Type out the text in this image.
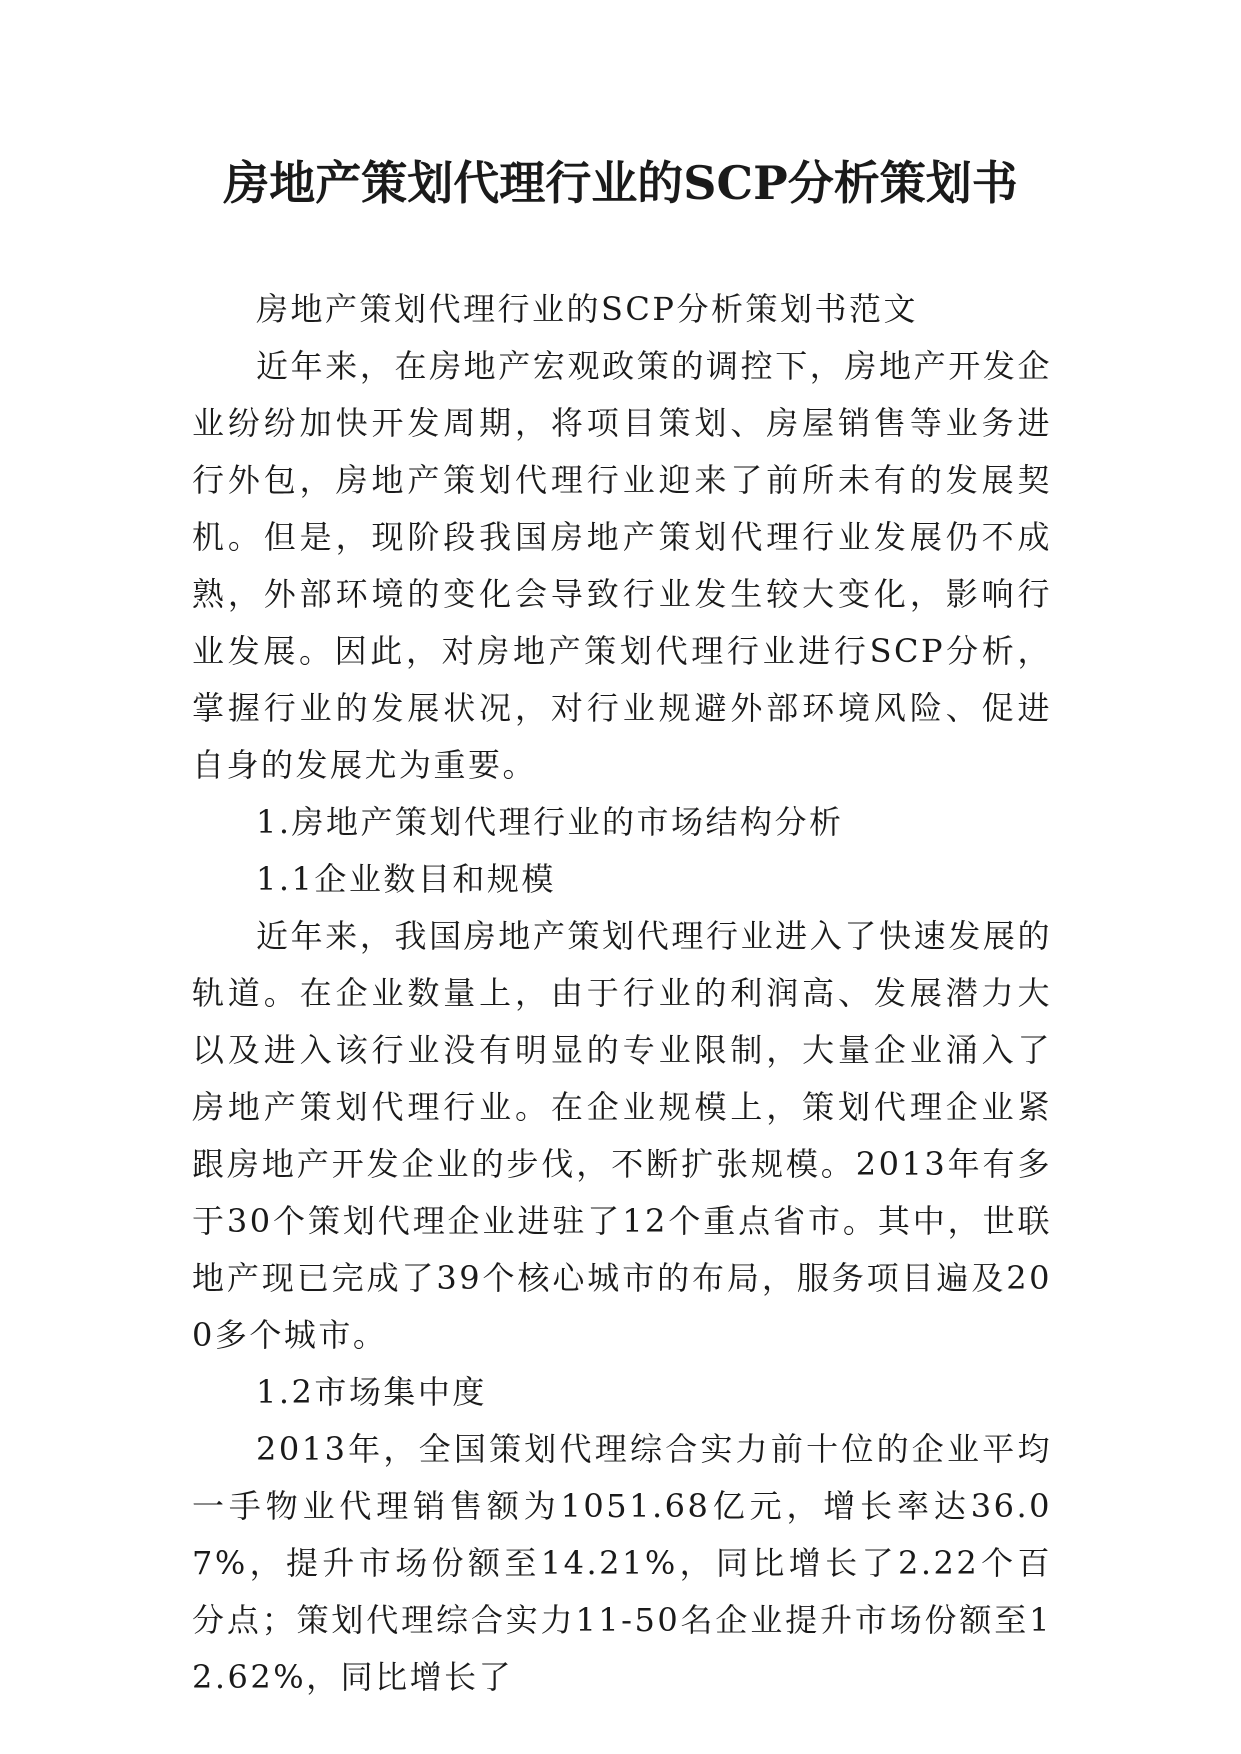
房地产策划代理行业的SCP分析策划书

房地产策划代理行业的SCP分析策划书范文

近年来，在房地产宏观政策的调控下，房地产开发企业纷纷加快开发周期，将项目策划、房屋销售等业务进行外包，房地产策划代理行业迎来了前所未有的发展契机。但是，现阶段我国房地产策划代理行业发展仍不成熟，外部环境的变化会导致行业发生较大变化，影响行业发展。因此，对房地产策划代理行业进行SCP分析，掌握行业的发展状况，对行业规避外部环境风险、促进自身的发展尤为重要。

1.房地产策划代理行业的市场结构分析

1.1企业数目和规模

近年来，我国房地产策划代理行业进入了快速发展的轨道。在企业数量上，由于行业的利润高、发展潜力大以及进入该行业没有明显的专业限制，大量企业涌入了房地产策划代理行业。在企业规模上，策划代理企业紧跟房地产开发企业的步伐，不断扩张规模。2013年有多于30个策划代理企业进驻了12个重点省市。其中，世联地产现已完成了39个核心城市的布局，服务项目遍及200多个城市。

1.2市场集中度

2013年，全国策划代理综合实力前十位的企业平均一手物业代理销售额为1051.68亿元，增长率达36.07%，提升市场份额至14.21%，同比增长了2.22个百分点；策划代理综合实力11-50名企业提升市场份额至12.62%，同比增长了
